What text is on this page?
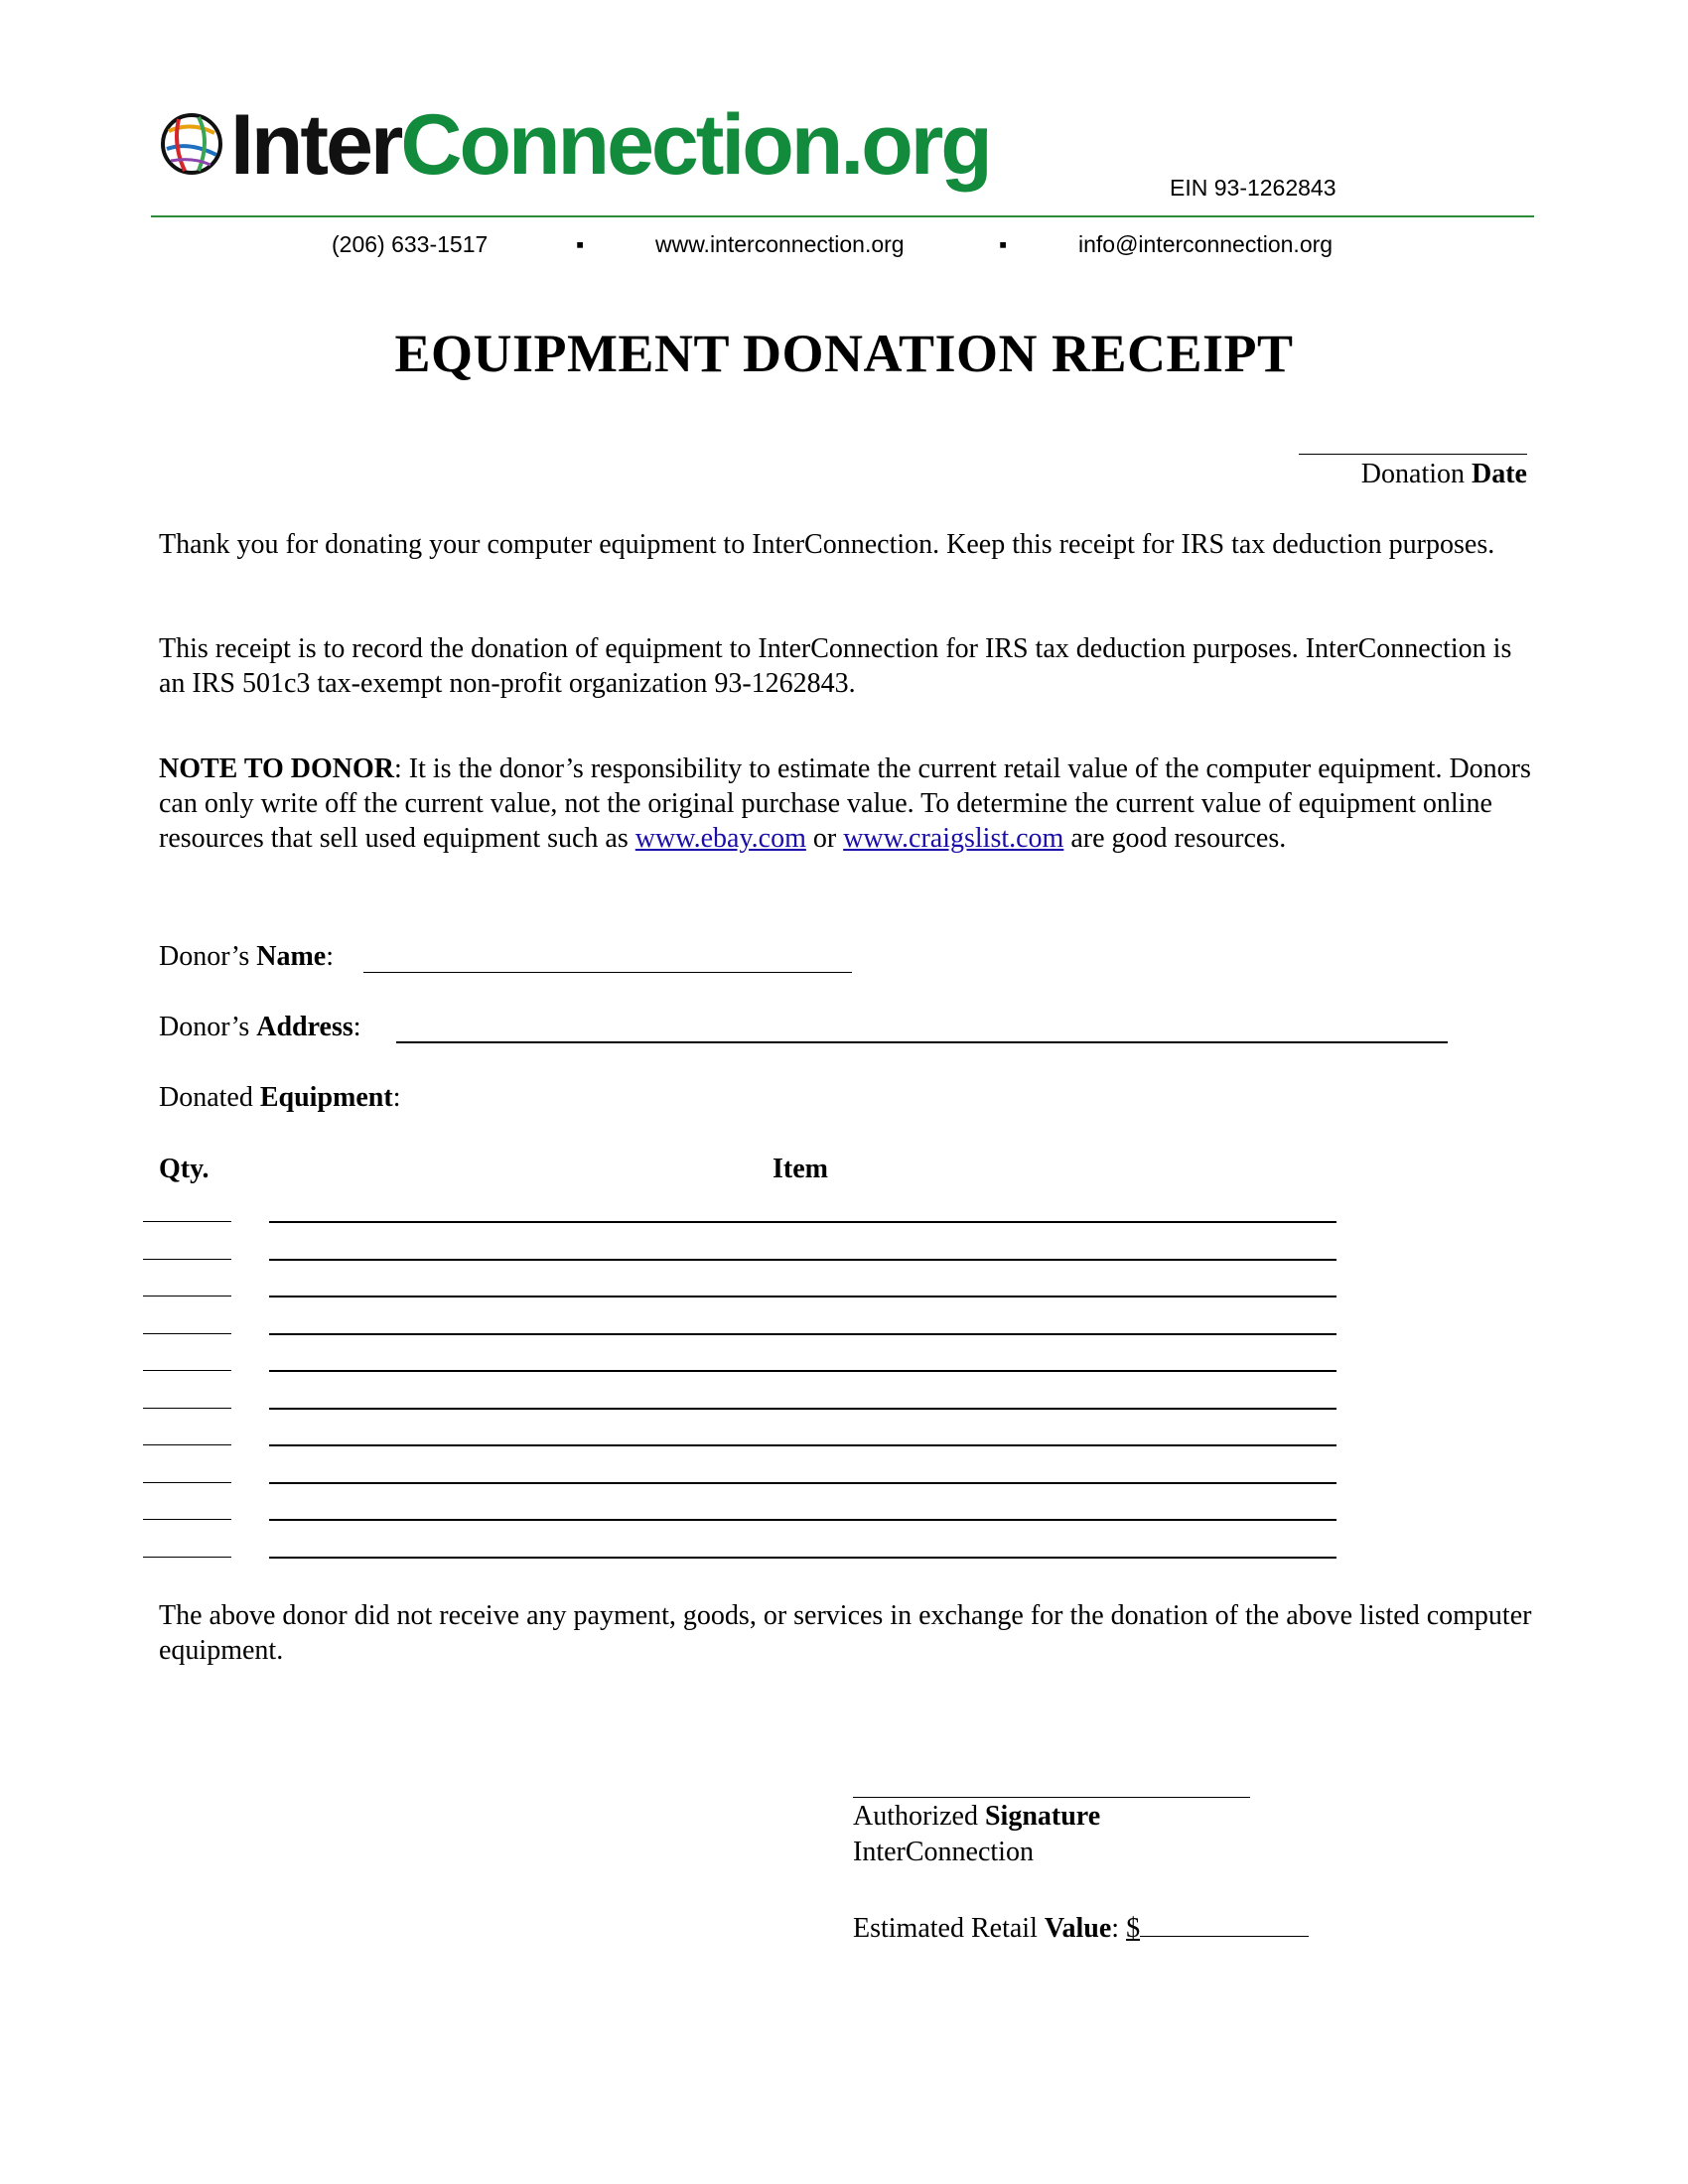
InterConnection.org	EIN 93-1262843
(206) 633-1517	▪	www.interconnection.org	▪	info@interconnection.org
EQUIPMENT DONATION RECEIPT
Donation Date
Thank you for donating your computer equipment to InterConnection. Keep this receipt for IRS tax deduction purposes.
This receipt is to record the donation of equipment to InterConnection for IRS tax deduction purposes. InterConnection is an IRS 501c3 tax-exempt non-profit organization 93-1262843.
NOTE TO DONOR: It is the donor’s responsibility to estimate the current retail value of the computer equipment. Donors can only write off the current value, not the original purchase value. To determine the current value of equipment online resources that sell used equipment such as www.ebay.com or www.craigslist.com are good resources.
Donor’s Name:
Donor’s Address:
Donated Equipment:
Qty.	Item
The above donor did not receive any payment, goods, or services in exchange for the donation of the above listed computer equipment.
Authorized Signature
InterConnection
Estimated Retail Value: $
